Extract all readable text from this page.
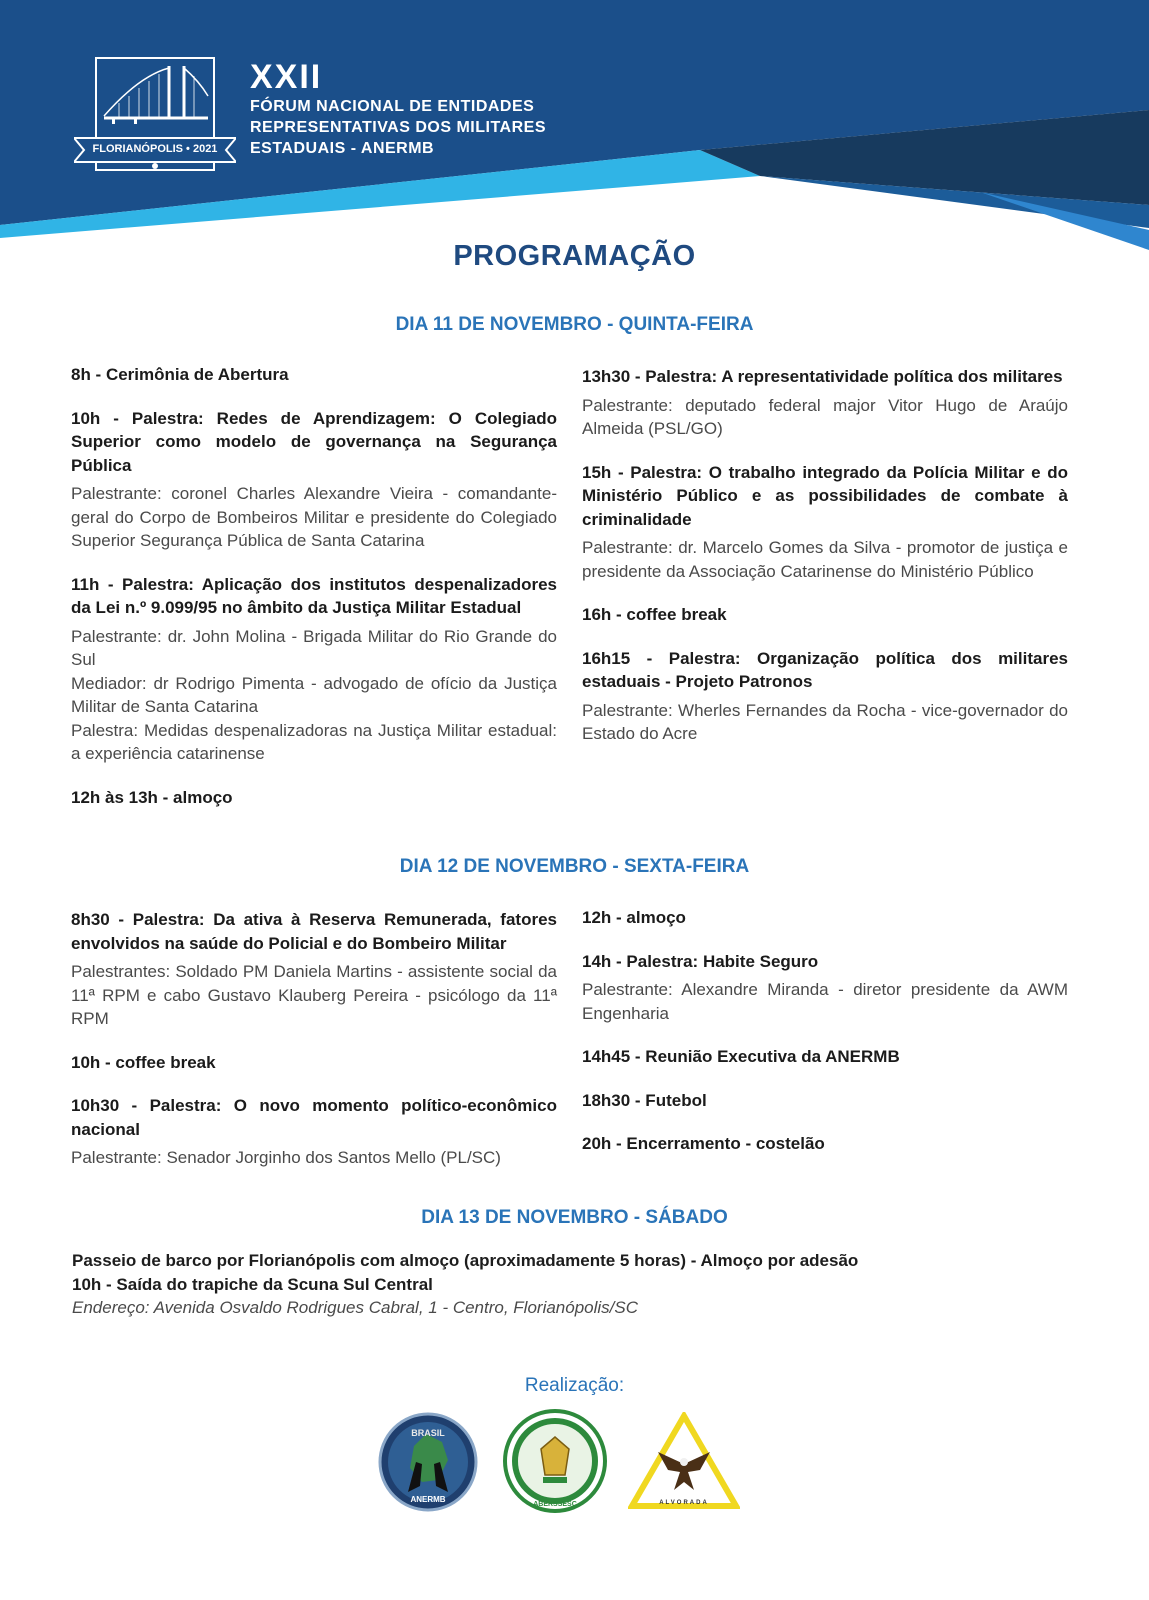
FLORIANÓPOLIS • 2021
XXII
FÓRUM NACIONAL DE ENTIDADES
REPRESENTATIVAS DOS MILITARES
ESTADUAIS - ANERMB
PROGRAMAÇÃO
DIA 11 DE NOVEMBRO - QUINTA-FEIRA
8h - Cerimônia de Abertura
10h - Palestra: Redes de Aprendizagem: O Colegiado Superior como modelo de governança na Segurança Pública
Palestrante: coronel Charles Alexandre Vieira - comandante-geral do Corpo de Bombeiros Militar e presidente do Colegiado Superior Segurança Pública de Santa Catarina
11h - Palestra: Aplicação dos institutos despenalizadores da Lei n.º 9.099/95 no âmbito da Justiça Militar Estadual
Palestrante: dr. John Molina - Brigada Militar do Rio Grande do Sul
Mediador: dr Rodrigo Pimenta - advogado de ofício da Justiça Militar de Santa Catarina
Palestra: Medidas despenalizadoras na Justiça Militar estadual: a experiência catarinense
12h às 13h - almoço
13h30 - Palestra: A representatividade política dos militares
Palestrante: deputado federal major Vitor Hugo de Araújo Almeida (PSL/GO)
15h - Palestra: O trabalho integrado da Polícia Militar e do Ministério Público e as possibilidades de combate à criminalidade
Palestrante: dr. Marcelo Gomes da Silva - promotor de justiça e presidente da Associação Catarinense do Ministério Público
16h - coffee break
16h15 - Palestra: Organização política dos militares estaduais - Projeto Patronos
Palestrante: Wherles Fernandes da Rocha - vice-governador do Estado do Acre
DIA 12 DE NOVEMBRO - SEXTA-FEIRA
8h30 - Palestra: Da ativa à Reserva Remunerada, fatores envolvidos na saúde do Policial e do Bombeiro Militar
Palestrantes: Soldado PM Daniela Martins - assistente social da 11ª RPM e cabo Gustavo Klauberg Pereira - psicólogo da 11ª RPM
10h - coffee break
10h30 - Palestra: O novo momento político-econômico nacional
Palestrante: Senador Jorginho dos Santos Mello (PL/SC)
12h - almoço
14h - Palestra: Habite Seguro
Palestrante: Alexandre Miranda - diretor presidente da AWM Engenharia
14h45 - Reunião Executiva da ANERMB
18h30 - Futebol
20h - Encerramento - costelão
DIA 13 DE NOVEMBRO - SÁBADO
Passeio de barco por Florianópolis com almoço (aproximadamente 5 horas) - Almoço por adesão
10h - Saída do trapiche da Scuna Sul Central
Endereço: Avenida Osvaldo Rodrigues Cabral, 1 - Centro, Florianópolis/SC
Realização:
BRASIL
ANERMB
ABERSSESC	ALVORADA
